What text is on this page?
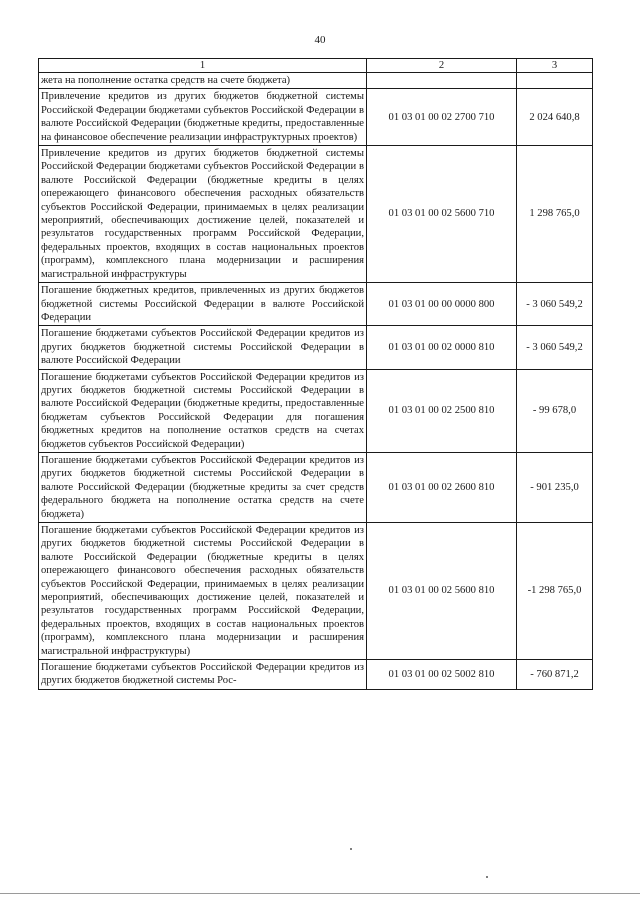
40
1	2	3
жета на пополнение остатка средств на счете бюджета)		
Привлечение кредитов из других бюджетов бюджетной системы Российской Федерации бюджетами субъектов Российской Федерации в валюте Российской Федерации (бюджетные кредиты, предоставленные на финансовое обеспечение реализации инфраструктурных проектов)	01 03 01 00 02 2700 710	2 024 640,8
Привлечение кредитов из других бюджетов бюджетной системы Российской Федерации бюджетами субъектов Российской Федерации в валюте Российской Федерации (бюджетные кредиты в целях опережающего финансового обеспечения расходных обязательств субъектов Российской Федерации, принимаемых в целях реализации мероприятий, обеспечивающих достижение целей, показателей и результатов государственных программ Российской Федерации, федеральных проектов, входящих в состав национальных проектов (программ), комплексного плана модернизации и расширения магистральной инфраструктуры	01 03 01 00 02 5600 710	1 298 765,0
Погашение бюджетных кредитов, привлеченных из других бюджетов бюджетной системы Российской Федерации в валюте Российской Федерации	01 03 01 00 00 0000 800	- 3 060 549,2
Погашение бюджетами субъектов Российской Федерации кредитов из других бюджетов бюджетной системы Российской Федерации в валюте Российской Федерации	01 03 01 00 02 0000 810	- 3 060 549,2
Погашение бюджетами субъектов Российской Федерации кредитов из других бюджетов бюджетной системы Российской Федерации в валюте Российской Федерации (бюджетные кредиты, предоставленные бюджетам субъектов Российской Федерации для погашения бюджетных кредитов на пополнение остатков средств на счетах бюджетов субъектов Российской Федерации)	01 03 01 00 02 2500 810	- 99 678,0
Погашение бюджетами субъектов Российской Федерации кредитов из других бюджетов бюджетной системы Российской Федерации в валюте Российской Федерации (бюджетные кредиты за счет средств федерального бюджета на пополнение остатка средств на счете бюджета)	01 03 01 00 02 2600 810	- 901 235,0
Погашение бюджетами субъектов Российской Федерации кредитов из других бюджетов бюджетной системы Российской Федерации в валюте Российской Федерации (бюджетные кредиты в целях опережающего финансового обеспечения расходных обязательств субъектов Российской Федерации, принимаемых в целях реализации мероприятий, обеспечивающих достижение целей, показателей и результатов государственных программ Российской Федерации, федеральных проектов, входящих в состав национальных проектов (программ), комплексного плана модернизации и расширения магистральной инфраструктуры)	01 03 01 00 02 5600 810	-1 298 765,0
Погашение бюджетами субъектов Российской Федерации кредитов из других бюджетов бюджетной системы Рос-	01 03 01 00 02 5002 810	- 760 871,2
